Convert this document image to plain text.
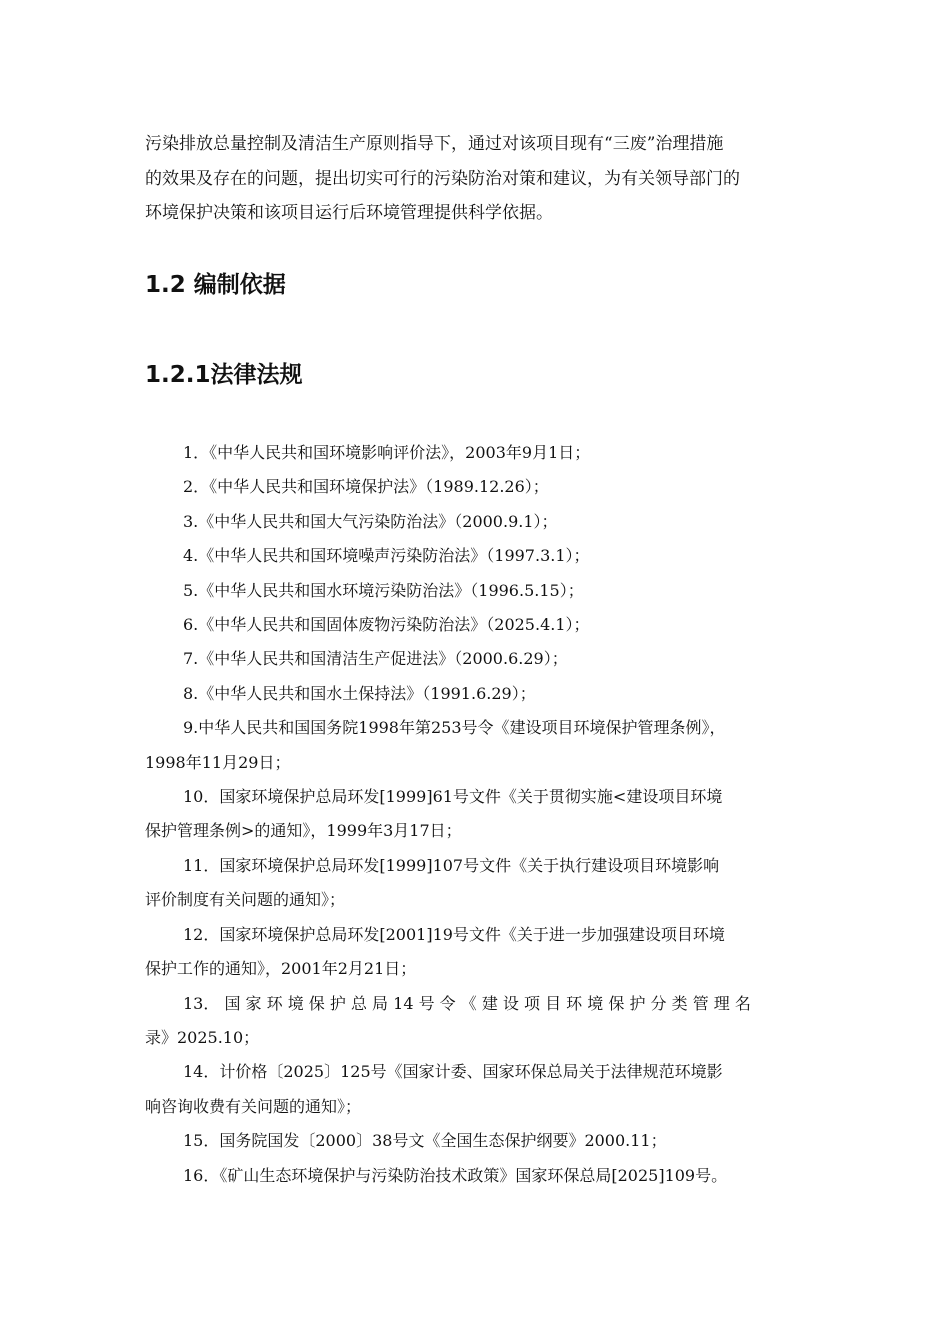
污染排放总量控制及清洁生产原则指导下，通过对该项目现有“三废”治理措施
的效果及存在的问题，提出切实可行的污染防治对策和建议，为有关领导部门的
环境保护决策和该项目运行后环境管理提供科学依据。

1.2 编制依据
1.2.1法律法规
1．《中华人民共和国环境影响评价法》，2003年9月1日；
2．《中华人民共和国环境保护法》（1989.12.26）；
3.《中华人民共和国大气污染防治法》（2000.9.1）；
4.《中华人民共和国环境噪声污染防治法》（1997.3.1）；
5.《中华人民共和国水环境污染防治法》（1996.5.15）；
6.《中华人民共和国固体废物污染防治法》（2025.4.1）；
7.《中华人民共和国清洁生产促进法》（2000.6.29）；
8.《中华人民共和国水土保持法》（1991.6.29）；
9.中华人民共和国国务院1998年第253号令《建设项目环境保护管理条例》，
1998年11月29日；
10．国家环境保护总局环发[1999]61号文件《关于贯彻实施<建设项目环境
保护管理条例>的通知》，1999年3月17日；
11．国家环境保护总局环发[1999]107号文件《关于执行建设项目环境影响
评价制度有关问题的通知》；
12．国家环境保护总局环发[2001]19号文件《关于进一步加强建设项目环境
保护工作的通知》，2001年2月21日；
13． 国 家 环 境 保 护 总 局 14 号 令 《 建 设 项 目 环 境 保 护 分 类 管 理 名
录》2025.10；
14．计价格〔2025〕125号《国家计委、国家环保总局关于法律规范环境影
响咨询收费有关问题的通知》；
15．国务院国发〔2000〕38号文《全国生态保护纲要》2000.11；
16．《矿山生态环境保护与污染防治技术政策》国家环保总局[2025]109号。
